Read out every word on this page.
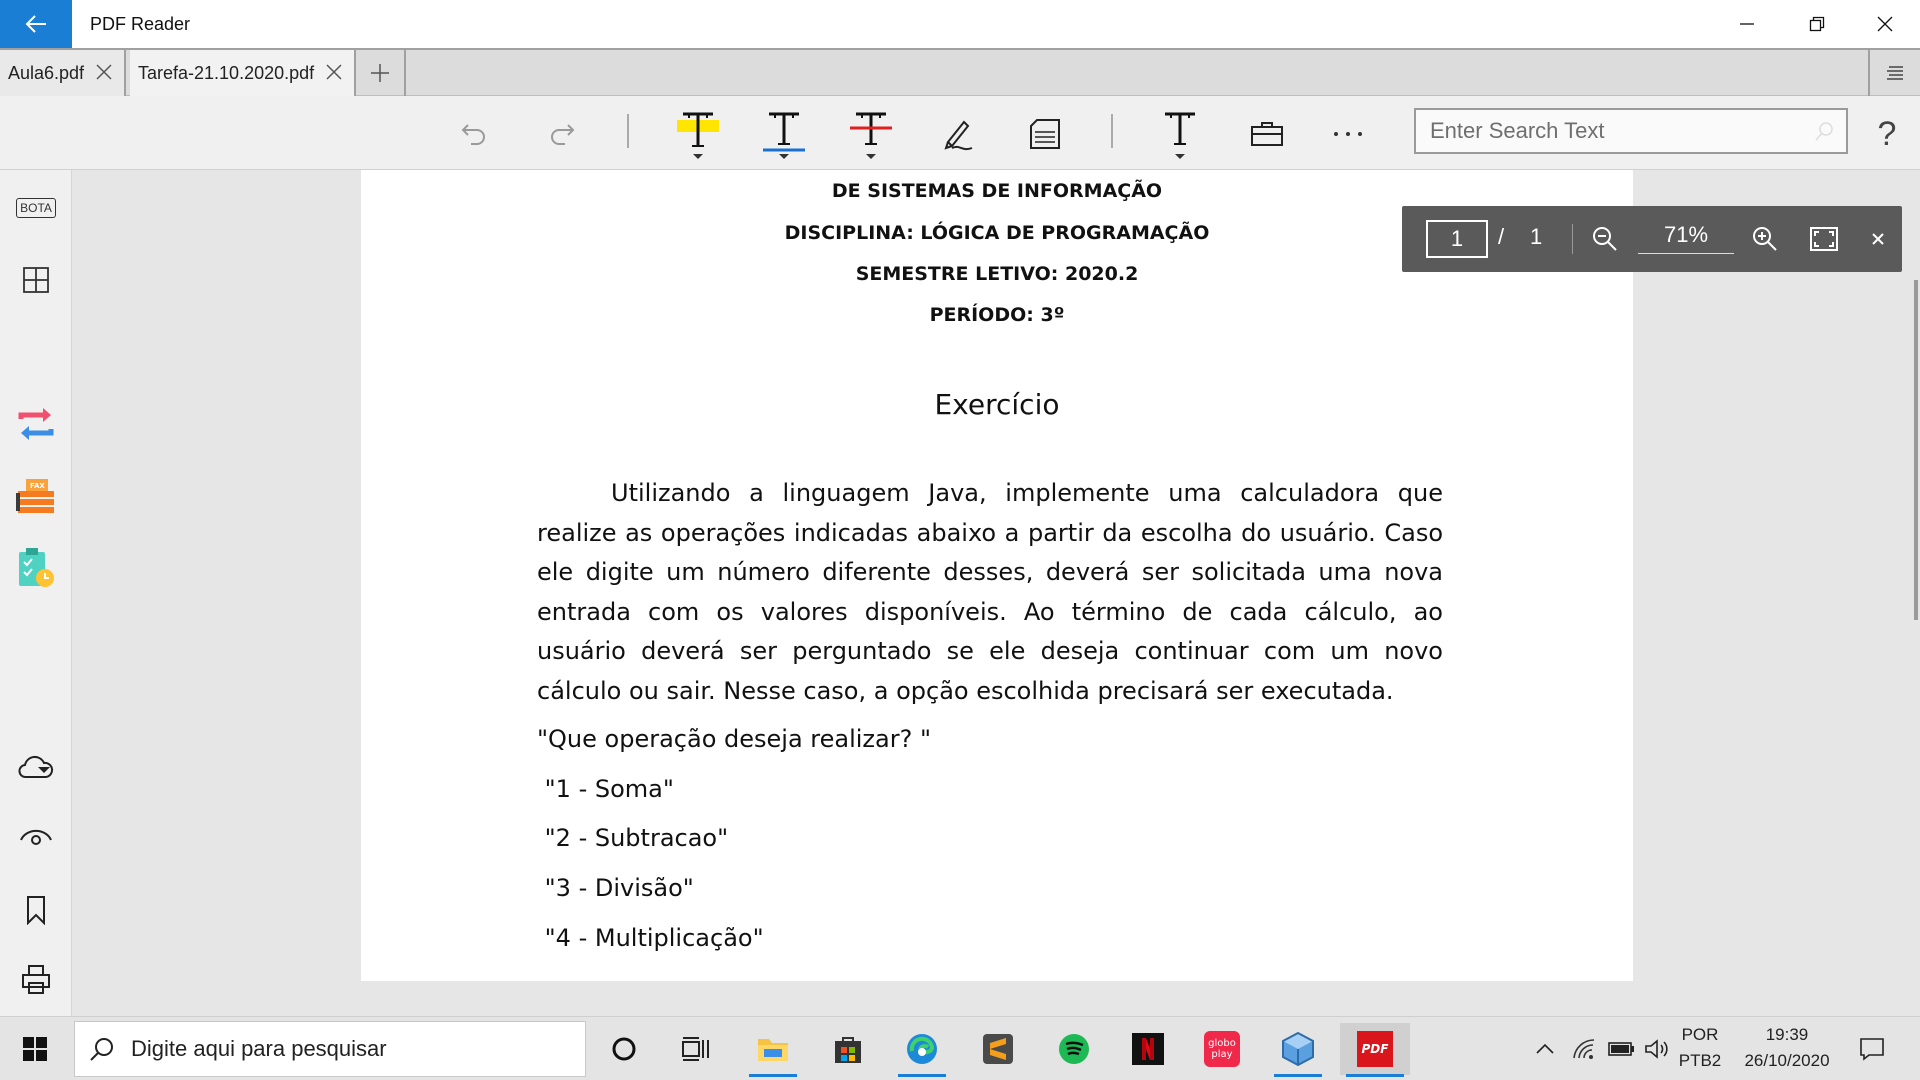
PDF Reader
Aula6.pdf	Tarefa-21.10.2020.pdf
Enter Search Text
?
BOTA
FAX
DE SISTEMAS DE INFORMAÇÃO
DISCIPLINA: LÓGICA DE PROGRAMAÇÃO
SEMESTRE LETIVO: 2020.2
PERÍODO: 3º
Exercício
Utilizando a linguagem Java, implemente uma calculadora que realize as operações indicadas abaixo a partir da escolha do usuário. Caso ele digite um número diferente desses, deverá ser solicitada uma nova entrada com os valores disponíveis. Ao término de cada cálculo, ao usuário deverá ser perguntado se ele deseja continuar com um novo cálculo ou sair. Nesse caso, a opção escolhida precisará ser executada.
"Que operação deseja realizar? "
"1 - Soma"
"2 - Subtracao"
"3 - Divisão"
"4 - Multiplicação"
1
/ 1	71%
Digite aqui para pesquisar
globo play	PDF
POR
PTB2
19:39
26/10/2020
